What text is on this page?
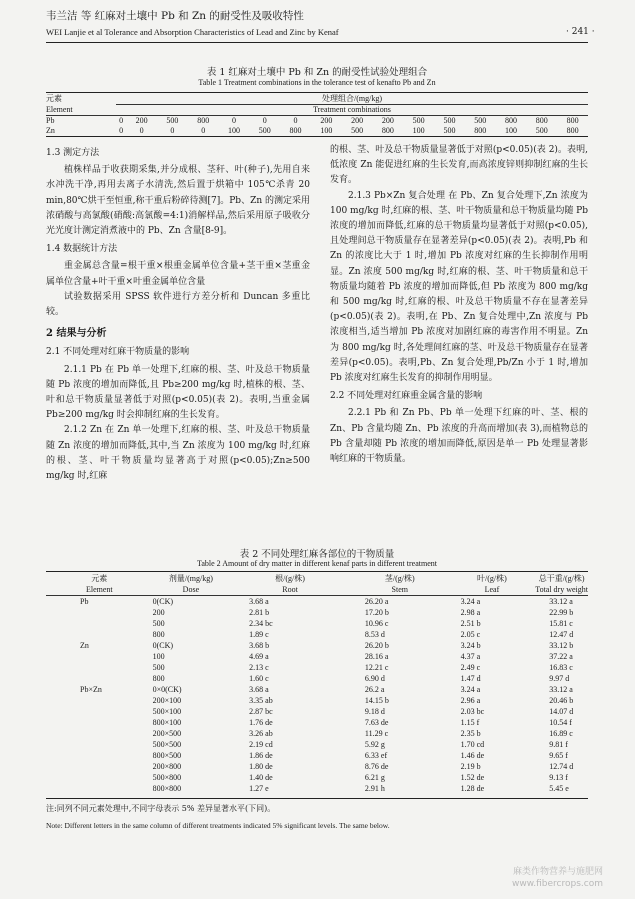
韦兰洁 等 红麻对土壤中 Pb 和 Zn 的耐受性及吸收特性
WEI Lanjie et al Tolerance and Absorption Characteristics of Lead and Zinc by Kenaf	· 241 ·
表 1 红麻对土壤中 Pb 和 Zn 的耐受性试验处理组合
Table 1 Treatment combinations in the tolerance test of kenafto Pb and Zn
元素	处理组合/(mg/kg)															
Element	Treatment combinations															
Pb	0	200	500	800	0	0	0	200	200	200	500	500	500	800	800	800
Zn	0	0	0	0	100	500	800	100	500	800	100	500	800	100	500	800
1.3 测定方法

植株样品于收获期采集,并分成根、茎秆、叶(种子),先用自来水冲洗干净,再用去离子水清洗,然后置于烘箱中 105℃杀青 20 min,80℃烘干至恒重,称干重后粉碎待测[7]。Pb、Zn 的测定采用浓硝酸与高氯酸(硝酸:高氯酸=4:1)消解样品,然后采用原子吸收分光光度计测定消煮液中的 Pb、Zn 含量[8-9]。

1.4 数据统计方法

重金属总含量=根干重×根重金属单位含量+茎干重×茎重金属单位含量+叶干重×叶重金属单位含量

试验数据采用 SPSS 软件进行方差分析和 Duncan 多重比较。

2 结果与分析
2.1 不同处理对红麻干物质量的影响

2.1.1 Pb 在 Pb 单一处理下,红麻的根、茎、叶及总干物质量随 Pb 浓度的增加而降低,且 Pb≥200 mg/kg 时,植株的根、茎、叶和总干物质量显著低于对照(p<0.05)(表 2)。表明,当重金属 Pb≥200 mg/kg 时会抑制红麻的生长发育。

2.1.2 Zn 在 Zn 单一处理下,红麻的根、茎、叶及总干物质量随 Zn 浓度的增加而降低,其中,当 Zn 浓度为 100 mg/kg 时,红麻的根、茎、叶干物质量均显著高于对照(p<0.05);Zn≥500 mg/kg 时,红麻

的根、茎、叶及总干物质量显著低于对照(p<0.05)(表 2)。表明,低浓度 Zn 能促进红麻的生长发育,而高浓度锌则抑制红麻的生长发育。

2.1.3 Pb×Zn 复合处理 在 Pb、Zn 复合处理下,Zn 浓度为 100 mg/kg 时,红麻的根、茎、叶干物质量和总干物质量均随 Pb 浓度的增加而降低,红麻的总干物质量均显著低于对照(p<0.05),且处理间总干物质量存在显著差异(p<0.05)(表 2)。表明,Pb 和 Zn 的浓度比大于 1 时,增加 Pb 浓度对红麻的生长抑制作用明显。Zn 浓度 500 mg/kg 时,红麻的根、茎、叶干物质量和总干物质量均随着 Pb 浓度的增加而降低,但 Pb 浓度为 800 mg/kg 和 500 mg/kg 时,红麻的根、叶及总干物质量不存在显著差异(p<0.05)(表 2)。表明,在 Pb、Zn 复合处理中,Zn 浓度与 Pb 浓度相当,适当增加 Pb 浓度对加剧红麻的毒害作用不明显。Zn 为 800 mg/kg 时,各处理间红麻的茎、叶及总干物质量存在显著差异(p<0.05)。表明,Pb、Zn 复合处理,Pb/Zn 小于 1 时,增加 Pb 浓度对红麻生长发育的抑制作用明显。

2.2 不同处理对红麻重金属含量的影响

2.2.1 Pb 和 Zn Pb、Pb 单一处理下红麻的叶、茎、根的 Zn、Pb 含量均随 Zn、Pb 浓度的升高而增加(表 3),而植物总的 Pb 含量却随 Pb 浓度的增加而降低,原因是单一 Pb 处理显著影响红麻的干物质量。

表 2 不同处理红麻各部位的干物质量
Table 2 Amount of dry matter in different kenaf parts in different treatment
元素	剂量/(mg/kg)	根/(g/株)	茎/(g/株)	叶/(g/株)	总干重/(g/株)
Element	Dose	Root	Stem	Leaf	Total dry weight
Pb	0(CK)	3.68 a	26.20 a	3.24 a	33.12 a
	200	2.81 b	17.20 b	2.98 a	22.99 b
	500	2.34 bc	10.96 c	2.51 b	15.81 c
	800	1.89 c	8.53 d	2.05 c	12.47 d
Zn	0(CK)	3.68 b	26.20 b	3.24 b	33.12 b
	100	4.69 a	28.16 a	4.37 a	37.22 a
	500	2.13 c	12.21 c	2.49 c	16.83 c
	800	1.60 c	6.90 d	1.47 d	9.97 d
Pb×Zn	0×0(CK)	3.68 a	26.2 a	3.24 a	33.12 a
	200×100	3.35 ab	14.15 b	2.96 a	20.46 b
	500×100	2.87 bc	9.18 d	2.03 bc	14.07 d
	800×100	1.76 de	7.63 de	1.15 f	10.54 f
	200×500	3.26 ab	11.29 c	2.35 b	16.89 c
	500×500	2.19 cd	5.92 g	1.70 cd	9.81 f
	800×500	1.86 de	6.33 ef	1.46 de	9.65 f
	200×800	1.80 de	8.76 de	2.19 b	12.74 d
	500×800	1.40 de	6.21 g	1.52 de	9.13 f
	800×800	1.27 e	2.91 h	1.28 de	5.45 e
注:同列不同元素处理中,不同字母表示 5% 差异显著水平(下同)。
Note: Different letters in the same column of different treatments indicated 5% significant levels. The same below.
麻类作物营养与施肥网
www.fibercrops.com
